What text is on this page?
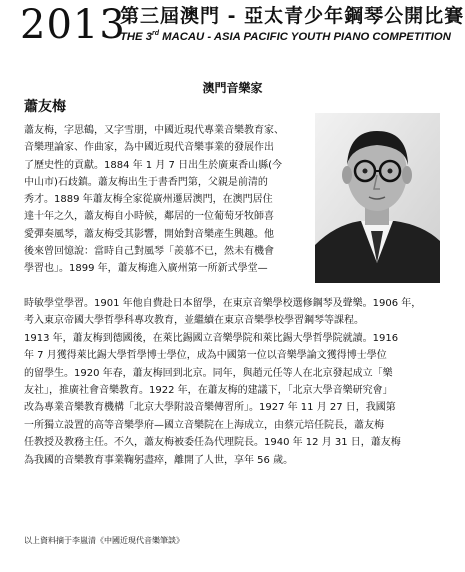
2013
第三屆澳門 - 亞太青少年鋼琴公開比賽
THE 3rd MACAU - ASIA PACIFIC YOUTH PIANO COMPETITION
澳門音樂家
蕭友梅
蕭友梅，字思鶴，又字雪朋，中國近現代專業音樂教育家、
音樂理論家、作曲家，為中國近現代音樂事業的發展作出
了歷史性的貢獻。1884 年 1 月 7 日出生於廣東香山縣(今
中山市)石歧鎮。蕭友梅出生于書香門第，父親是前清的
秀才。1889 年蕭友梅全家從廣州遷居澳門，在澳門居住
達十年之久，蕭友梅自小時候，鄰居的一位葡萄牙牧師喜
愛彈奏風琴，蕭友梅受其影響，開始對音樂產生興趣。他
後來曾回憶說：當時自己對風琴「羨慕不已，然未有機會
學習也」。1899 年，蕭友梅進入廣州第一所新式學堂—
時敏學堂學習。1901 年他自費赴日本留學，在東京音樂學校選修鋼琴及聲樂。1906 年，
考入東京帝國大學哲學科專攻教育，並繼續在東京音樂學校學習鋼琴等課程。
1913 年，蕭友梅到德國後，在萊比錫國立音樂學院和萊比錫大學哲學院就讀。1916
年 7 月獲得萊比錫大學哲學博士學位，成為中國第一位以音樂學論文獲得博士學位
的留學生。1920 年春，蕭友梅回到北京。同年，與趙元任等人在北京發起成立「樂
友社」，推廣社會音樂教育。1922 年，在蕭友梅的建議下，「北京大學音樂研究會」
改為專業音樂教育機構「北京大學附設音樂傳習所」。1927 年 11 月 27 日，我國第
一所獨立設置的高等音樂學府—國立音樂院在上海成立，由蔡元培任院長，蕭友梅
任教授及教務主任。不久，蕭友梅被委任為代理院長。1940 年 12 月 31 日，蕭友梅
為我國的音樂教育事業鞠躬盡瘁，離開了人世，享年 56 歲。
以上資料摘于李嵐清《中國近現代音樂筆談》
